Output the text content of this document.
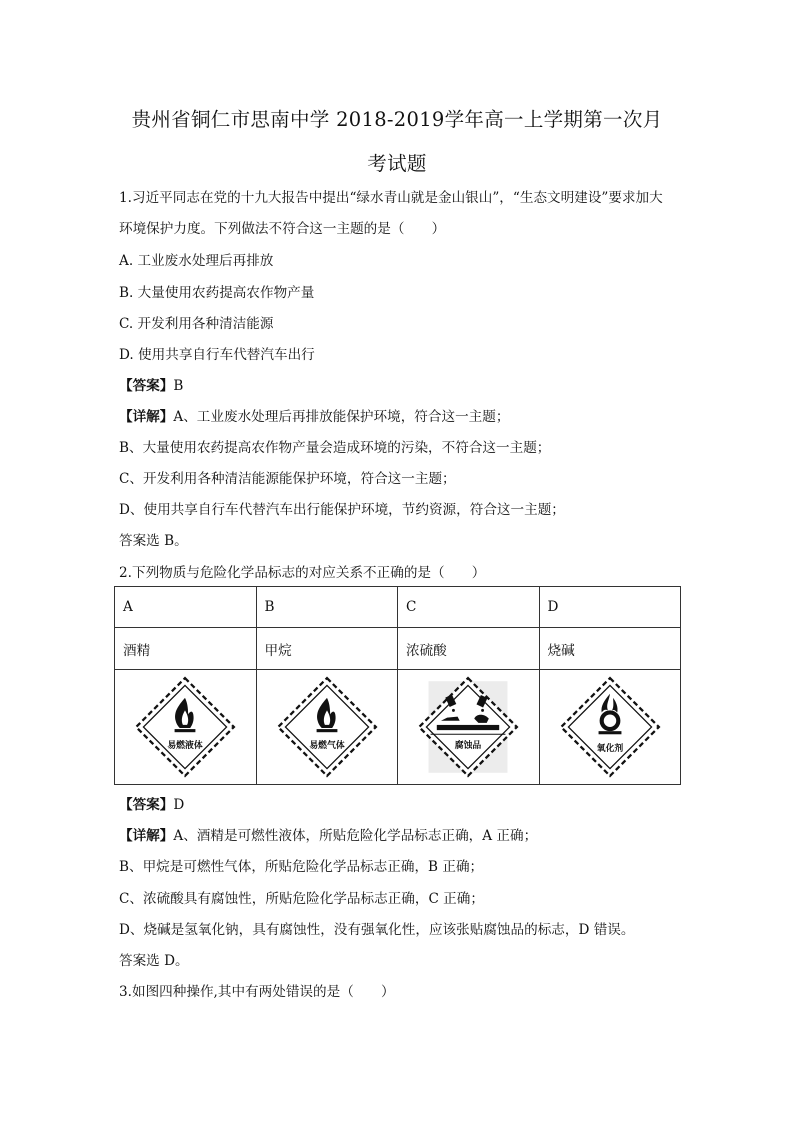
贵州省铜仁市思南中学 2018-2019学年高一上学期第一次月
考试题
1.习近平同志在党的十九大报告中提出“绿水青山就是金山银山”，“生态文明建设”要求加大
环境保护力度。下列做法不符合这一主题的是（　　）
A. 工业废水处理后再排放
B. 大量使用农药提高农作物产量
C. 开发利用各种清洁能源
D. 使用共享自行车代替汽车出行
【答案】B
【详解】A、工业废水处理后再排放能保护环境，符合这一主题；
B、大量使用农药提高农作物产量会造成环境的污染，不符合这一主题；
C、开发利用各种清洁能源能保护环境，符合这一主题；
D、使用共享自行车代替汽车出行能保护环境，节约资源，符合这一主题；
答案选 B。
2.下列物质与危险化学品标志的对应关系不正确的是（　　）
A	B	C	D
酒精	甲烷	浓硫酸	烧碱

易燃液体	易燃气体	腐蚀品	氧化剂
【答案】D
【详解】A、酒精是可燃性液体，所贴危险化学品标志正确，A 正确；
B、甲烷是可燃性气体，所贴危险化学品标志正确，B 正确；
C、浓硫酸具有腐蚀性，所贴危险化学品标志正确，C 正确；
D、烧碱是氢氧化钠，具有腐蚀性，没有强氧化性，应该张贴腐蚀品的标志，D 错误。
答案选 D。
3.如图四种操作,其中有两处错误的是（　　）
